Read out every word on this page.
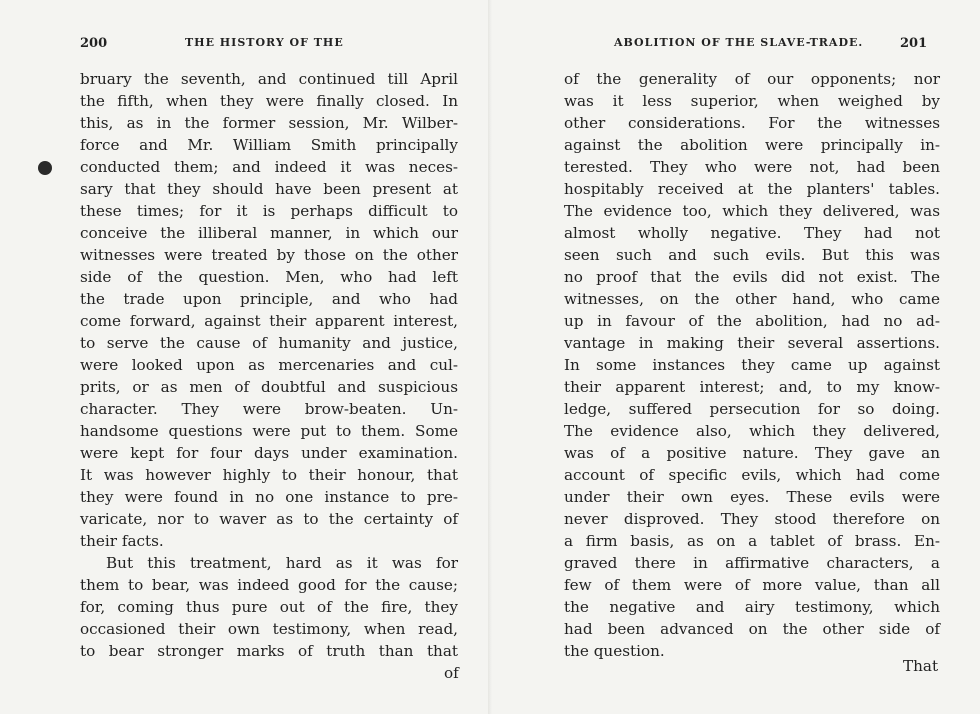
200	THE HISTORY OF THE	ABOLITION OF THE SLAVE-TRADE.	201
bruary the seventh, and continued till April
the fifth, when they were finally closed. In
this, as in the former session, Mr. Wilber-
force and Mr. William Smith principally
conducted them; and indeed it was neces-
sary that they should have been present at
these times; for it is perhaps difficult to
conceive the illiberal manner, in which our
witnesses were treated by those on the other
side of the question. Men, who had left
the trade upon principle, and who had
come forward, against their apparent interest,
to serve the cause of humanity and justice,
were looked upon as mercenaries and cul-
prits, or as men of doubtful and suspicious
character. They were brow-beaten. Un-
handsome questions were put to them. Some
were kept for four days under examination.
It was however highly to their honour, that
they were found in no one instance to pre-
varicate, nor to waver as to the certainty of
their facts.
But this treatment, hard as it was for
them to bear, was indeed good for the cause;
for, coming thus pure out of the fire, they
occasioned their own testimony, when read,
to bear stronger marks of truth than that
of the generality of our opponents; nor
was it less superior, when weighed by
other considerations. For the witnesses
against the abolition were principally in-
terested. They who were not, had been
hospitably received at the planters' tables.
The evidence too, which they delivered, was
almost wholly negative. They had not
seen such and such evils. But this was
no proof that the evils did not exist. The
witnesses, on the other hand, who came
up in favour of the abolition, had no ad-
vantage in making their several assertions.
In some instances they came up against
their apparent interest; and, to my know-
ledge, suffered persecution for so doing.
The evidence also, which they delivered,
was of a positive nature. They gave an
account of specific evils, which had come
under their own eyes. These evils were
never disproved. They stood therefore on
a firm basis, as on a tablet of brass. En-
graved there in affirmative characters, a
few of them were of more value, than all
the negative and airy testimony, which
had been advanced on the other side of
the question.
of	That
